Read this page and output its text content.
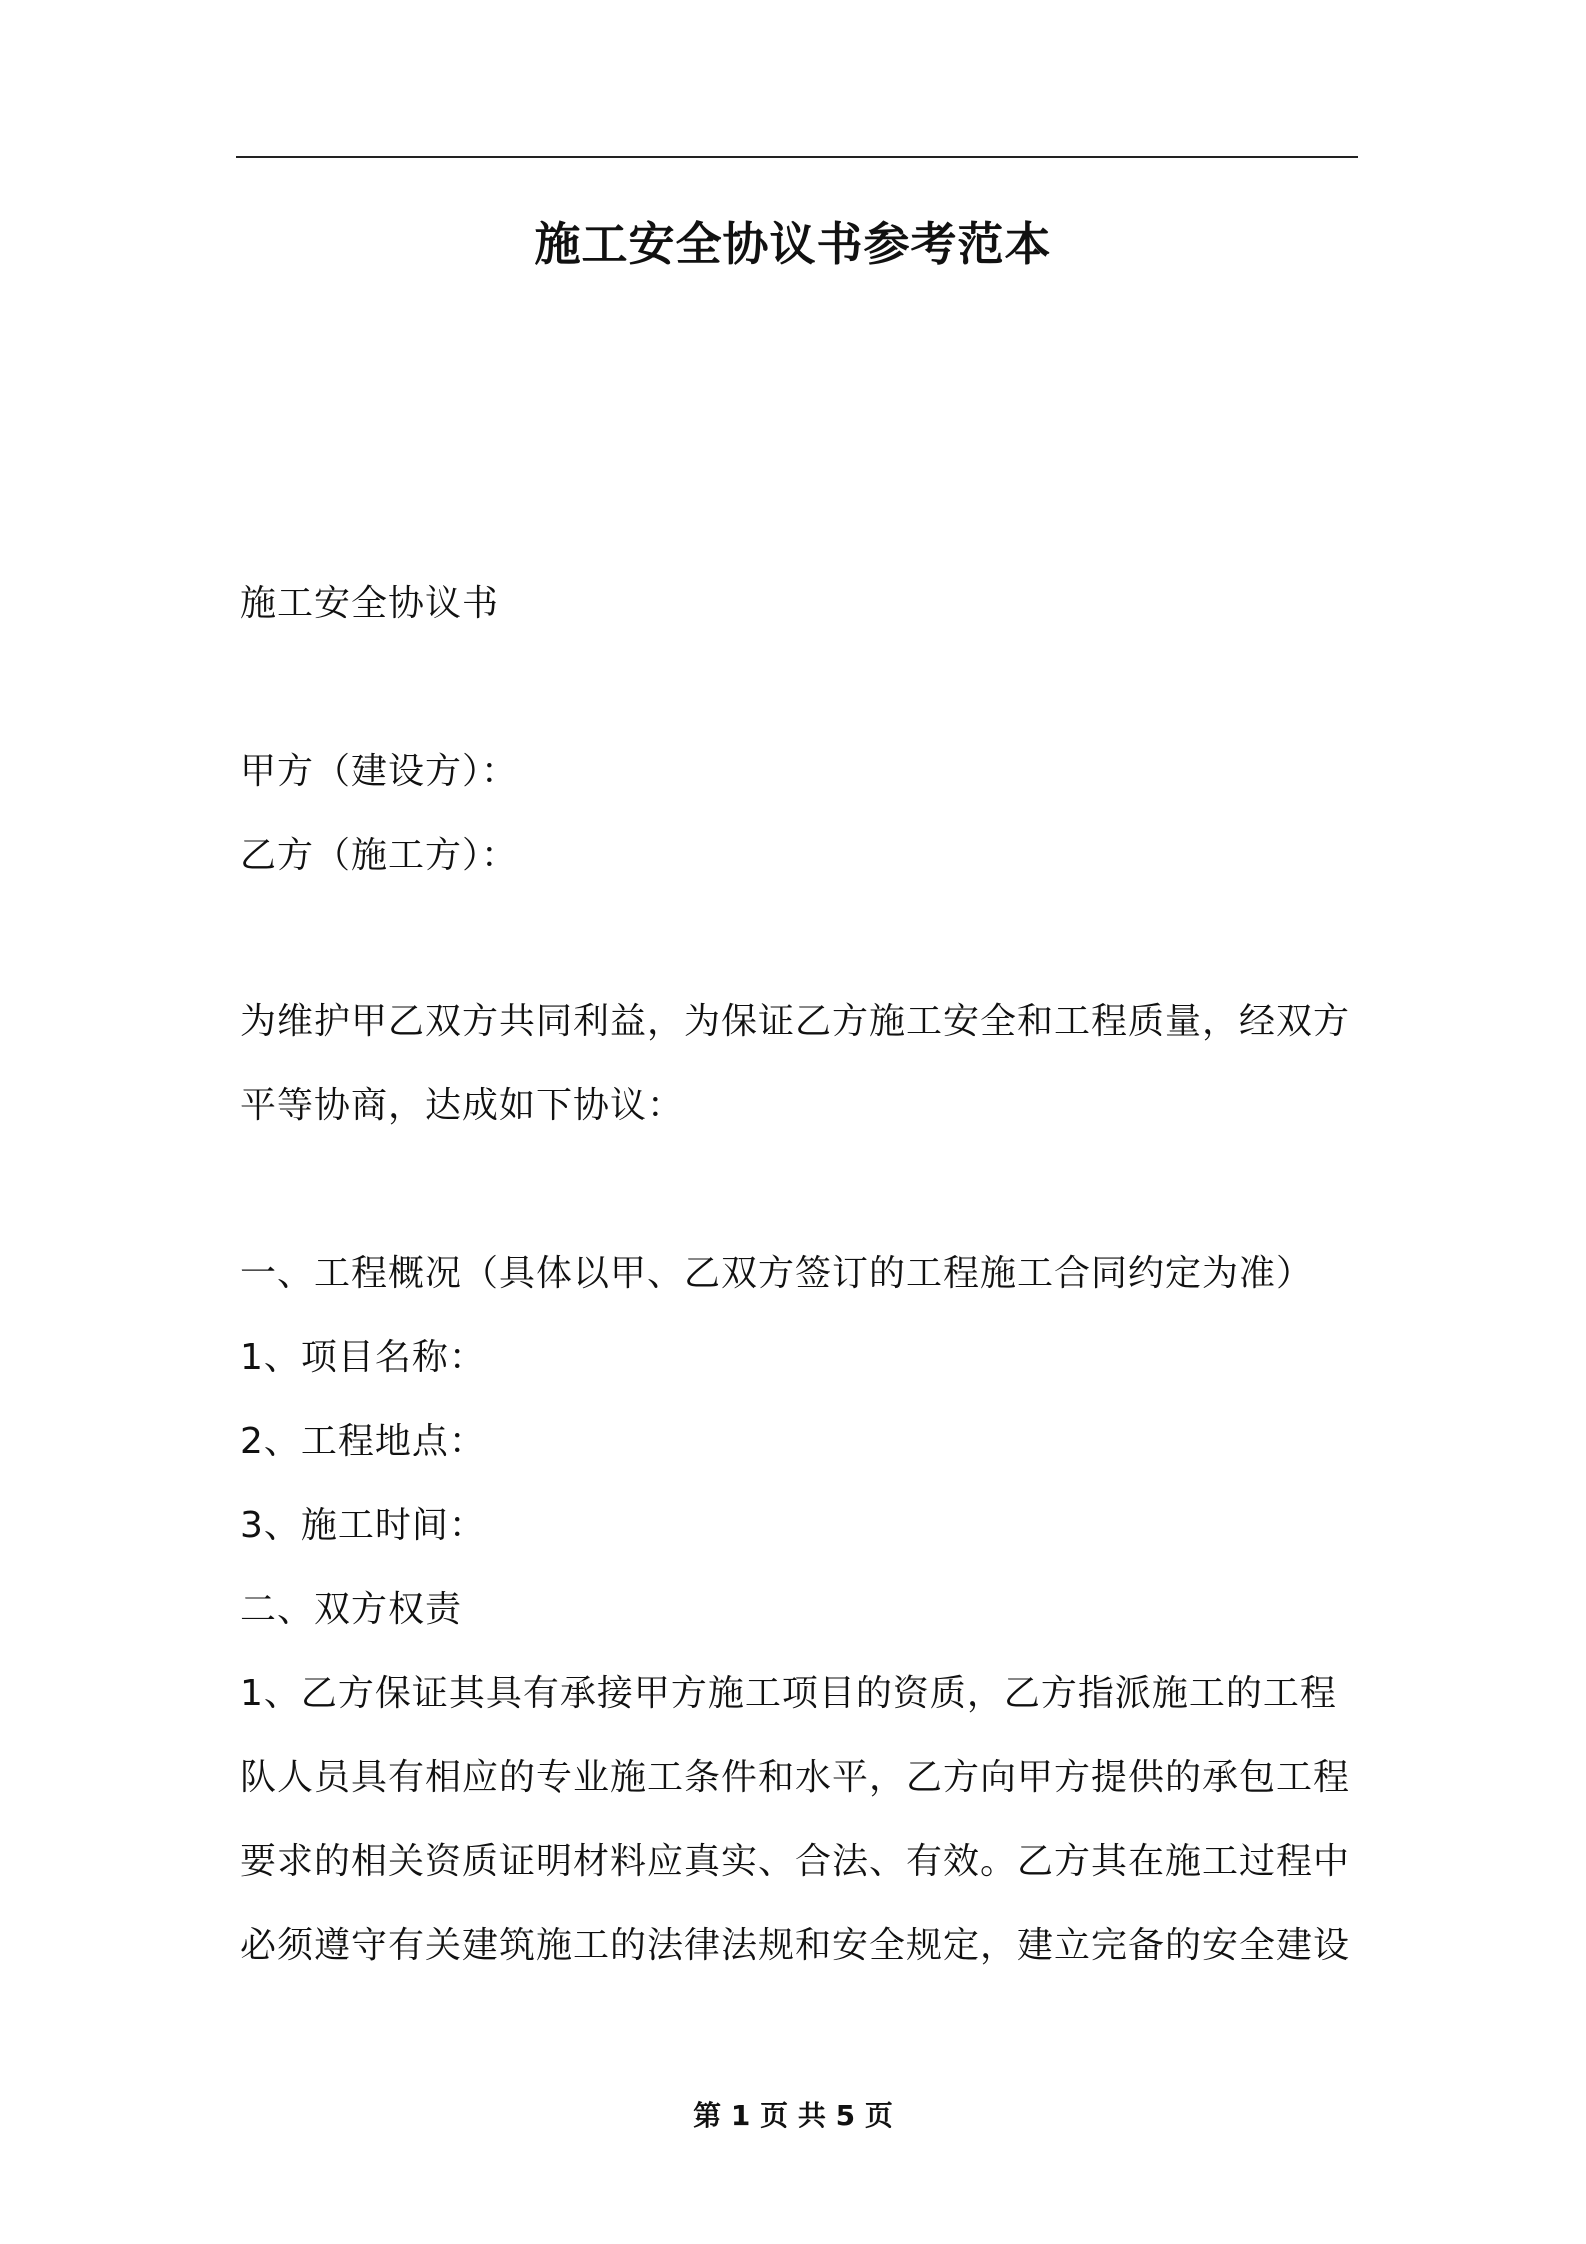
施工安全协议书参考范本
施工安全协议书
甲方（建设方）：
乙方（施工方）：
为维护甲乙双方共同利益，为保证乙方施工安全和工程质量，经双方
平等协商，达成如下协议：
一、工程概况（具体以甲、乙双方签订的工程施工合同约定为准）
1、项目名称：
2、工程地点：
3、施工时间：
二、双方权责
1、乙方保证其具有承接甲方施工项目的资质，乙方指派施工的工程
队人员具有相应的专业施工条件和水平，乙方向甲方提供的承包工程
要求的相关资质证明材料应真实、合法、有效。乙方其在施工过程中
必须遵守有关建筑施工的法律法规和安全规定，建立完备的安全建设
第 1 页 共 5 页
